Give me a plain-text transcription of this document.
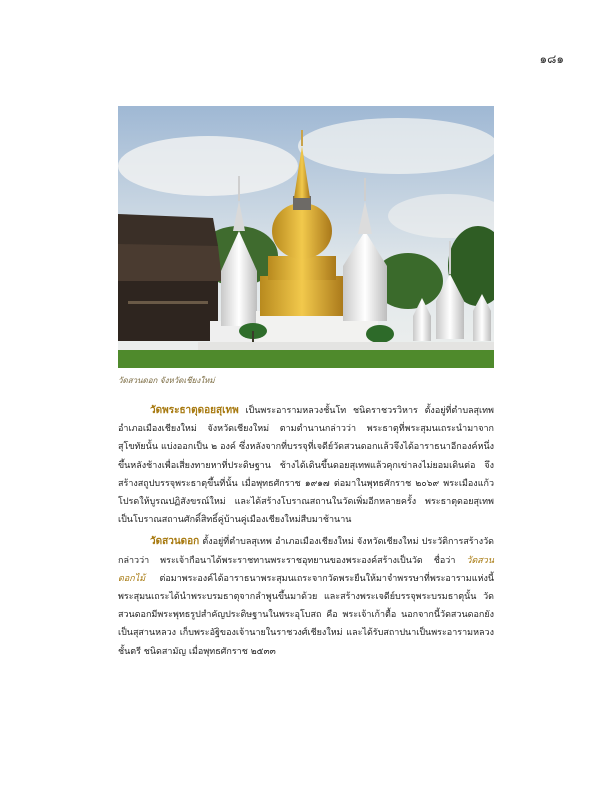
๑๘๑
วัดสวนดอก จังหวัดเชียงใหม่

วัดพระธาตุดอยสุเทพ เป็นพระอารามหลวงชั้นโท ชนิดราชวรวิหาร ตั้งอยู่ที่ตำบลสุเทพ อำเภอเมืองเชียงใหม่ จังหวัดเชียงใหม่ ตามตำนานกล่าวว่า พระธาตุที่พระสุมนเถระนำมาจากสุโขทัยนั้น แบ่งออกเป็น ๒ องค์ ซึ่งหลังจากที่บรรจุที่เจดีย์วัดสวนดอกแล้วจึงได้อาราธนาอีกองค์หนึ่งขึ้นหลังช้างเพื่อเสี่ยงทายหาที่ประดิษฐาน ช้างได้เดินขึ้นดอยสุเทพแล้วคุกเข่าลงไม่ยอมเดินต่อ จึงสร้างสถูปบรรจุพระธาตุขึ้นที่นั้น เมื่อพุทธศักราช ๑๙๑๗ ต่อมาในพุทธศักราช ๒๐๖๙ พระเมืองแก้วโปรดให้บูรณปฏิสังขรณ์ใหม่ และได้สร้างโบราณสถานในวัดเพิ่มอีกหลายครั้ง พระธาตุดอยสุเทพเป็นโบราณสถานศักดิ์สิทธิ์คู่บ้านคู่เมืองเชียงใหม่สืบมาช้านาน

วัดสวนดอก ตั้งอยู่ที่ตำบลสุเทพ อำเภอเมืองเชียงใหม่ จังหวัดเชียงใหม่ ประวัติการสร้างวัดกล่าวว่า พระเจ้ากือนาได้พระราชทานพระราชอุทยานของพระองค์สร้างเป็นวัด ชื่อว่า วัดสวนดอกไม้ ต่อมาพระองค์ได้อาราธนาพระสุมนเถระจากวัดพระยืนให้มาจำพรรษาที่พระอารามแห่งนี้ พระสุมนเถระได้นำพระบรมธาตุจากลำพูนขึ้นมาด้วย และสร้างพระเจดีย์บรรจุพระบรมธาตุนั้น วัดสวนดอกมีพระพุทธรูปสำคัญประดิษฐานในพระอุโบสถ คือ พระเจ้าเก้าตื้อ นอกจากนี้วัดสวนดอกยังเป็นสุสานหลวง เก็บพระอัฐิของเจ้านายในราชวงศ์เชียงใหม่ และได้รับสถาปนาเป็นพระอารามหลวงชั้นตรี ชนิดสามัญ เมื่อพุทธศักราช ๒๕๓๓
